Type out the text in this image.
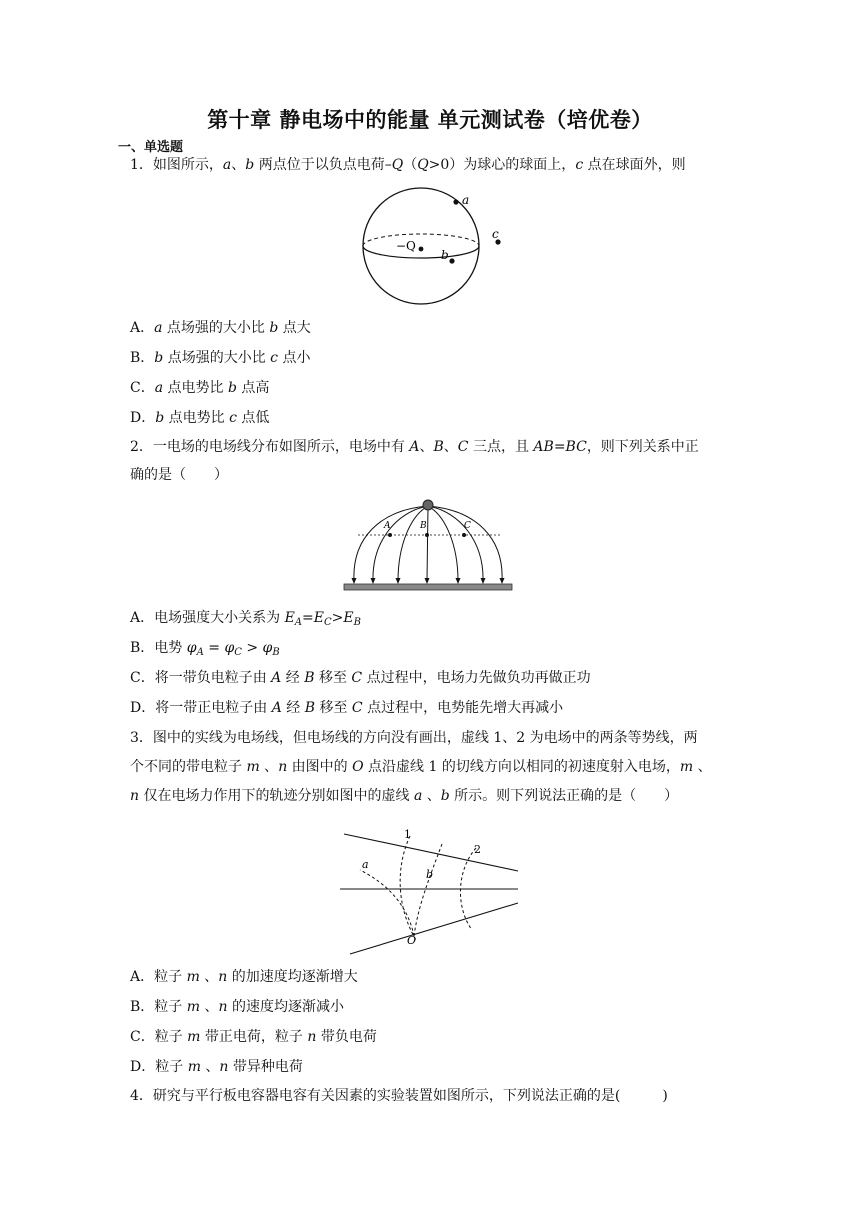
第十章 静电场中的能量 单元测试卷（培优卷）
一、单选题
1．如图所示，a、b 两点位于以负点电荷–Q（Q>0）为球心的球面上，c 点在球面外，则
a
−Q
b
c
A．a 点场强的大小比 b 点大
B．b 点场强的大小比 c 点小
C．a 点电势比 b 点高
D．b 点电势比 c 点低
2．一电场的电场线分布如图所示，电场中有 A、B、C 三点，且 AB=BC，则下列关系中正
确的是（　　）
A	B	C
A．电场强度大小关系为 $E_A=E_C>E_B$
B．电势 $\varphi_A = \varphi_C > \varphi_B$
C．将一带负电粒子由 A 经 B 移至 C 点过程中，电场力先做负功再做正功
D．将一带正电粒子由 A 经 B 移至 C 点过程中，电势能先增大再减小
3．图中的实线为电场线，但电场线的方向没有画出，虚线 1、2 为电场中的两条等势线，两
个不同的带电粒子 m 、n 由图中的 O 点沿虚线 1 的切线方向以相同的初速度射入电场，m 、
n 仅在电场力作用下的轨迹分别如图中的虚线 a 、b 所示。则下列说法正确的是（　　）
1
2
a
b
O
A．粒子 m 、n 的加速度均逐渐增大
B．粒子 m 、n 的速度均逐渐减小
C．粒子 m 带正电荷，粒子 n 带负电荷
D．粒子 m 、n 带异种电荷
4．研究与平行板电容器电容有关因素的实验装置如图所示，下列说法正确的是(　　　)
